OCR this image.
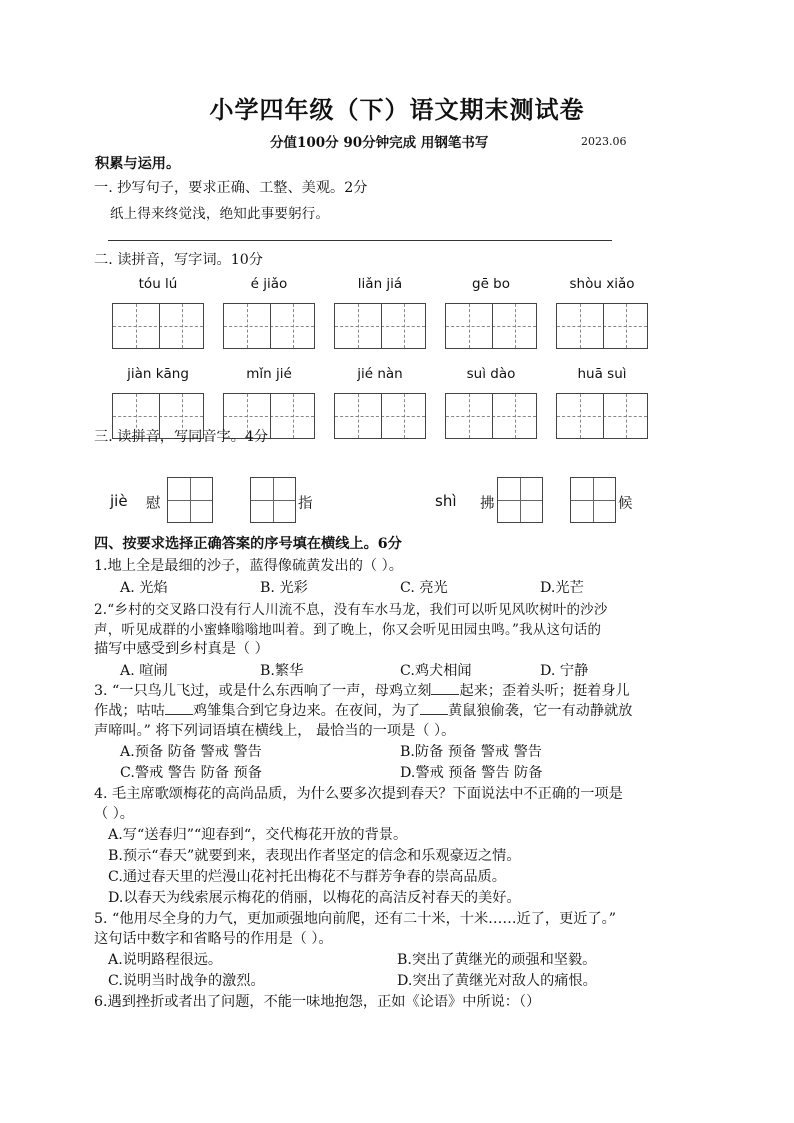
小学四年级（下）语文期末测试卷
分值100分 90分钟完成 用钢笔书写	2023.06
积累与运用。
一. 抄写句子，要求正确、工整、美观。2分
纸上得来终觉浅，绝知此事要躬行。
二. 读拼音，写字词。10分
tóu lú	é jiǎo	liǎn jiá	gē bo	shòu xiǎo
jiàn kāng	mǐn jié	jié nàn	suì dào	huā suì
三. 读拼音，写同音字。4分
jiè 慰	指	shì 拂	候
四、按要求选择正确答案的序号填在横线上。6分
1.地上全是最细的沙子，蓝得像硫黄发出的（ ）。
A. 光焰	B. 光彩	C. 亮光	D.光芒
2.“乡村的交叉路口没有行人川流不息，没有车水马龙，我们可以听见风吹树叶的沙沙
声，听见成群的小蜜蜂嗡嗡地叫着。到了晚上，你又会听见田园虫鸣。”我从这句话的
描写中感受到乡村真是（ ）
A. 喧闹	B.繁华	C.鸡犬相闻	D. 宁静
3. “一只鸟儿飞过，或是什么东西响了一声，母鸡立刻 起来；歪着头听；挺着身儿
作战；咕咕 鸡雏集合到它身边来。在夜间，为了 黄鼠狼偷袭，它一有动静就放
声啼叫。” 将下列词语填在横线上， 最恰当的一项是（ ）。
A.预备 防备 警戒 警告	B.防备 预备 警戒 警告
C.警戒 警告 防备 预备	D.警戒 预备 警告 防备
4. 毛主席歌颂梅花的高尚品质，为什么要多次提到春天？下面说法中不正确的一项是
（ ）。
A.写“送春归”“迎春到“，交代梅花开放的背景。
B.预示“春天”就要到来，表现出作者坚定的信念和乐观豪迈之情。
C.通过春天里的烂漫山花衬托出梅花不与群芳争春的崇高品质。
D.以春天为线索展示梅花的俏丽，以梅花的高洁反衬春天的美好。
5. “他用尽全身的力气，更加顽强地向前爬，还有二十米，十米……近了，更近了。”
这句话中数字和省略号的作用是（ ）。
A.说明路程很远。	B.突出了黄继光的顽强和坚毅。
C.说明当时战争的激烈。	D.突出了黄继光对敌人的痛恨。
6.遇到挫折或者出了问题，不能一味地抱怨，正如《论语》中所说：（）
